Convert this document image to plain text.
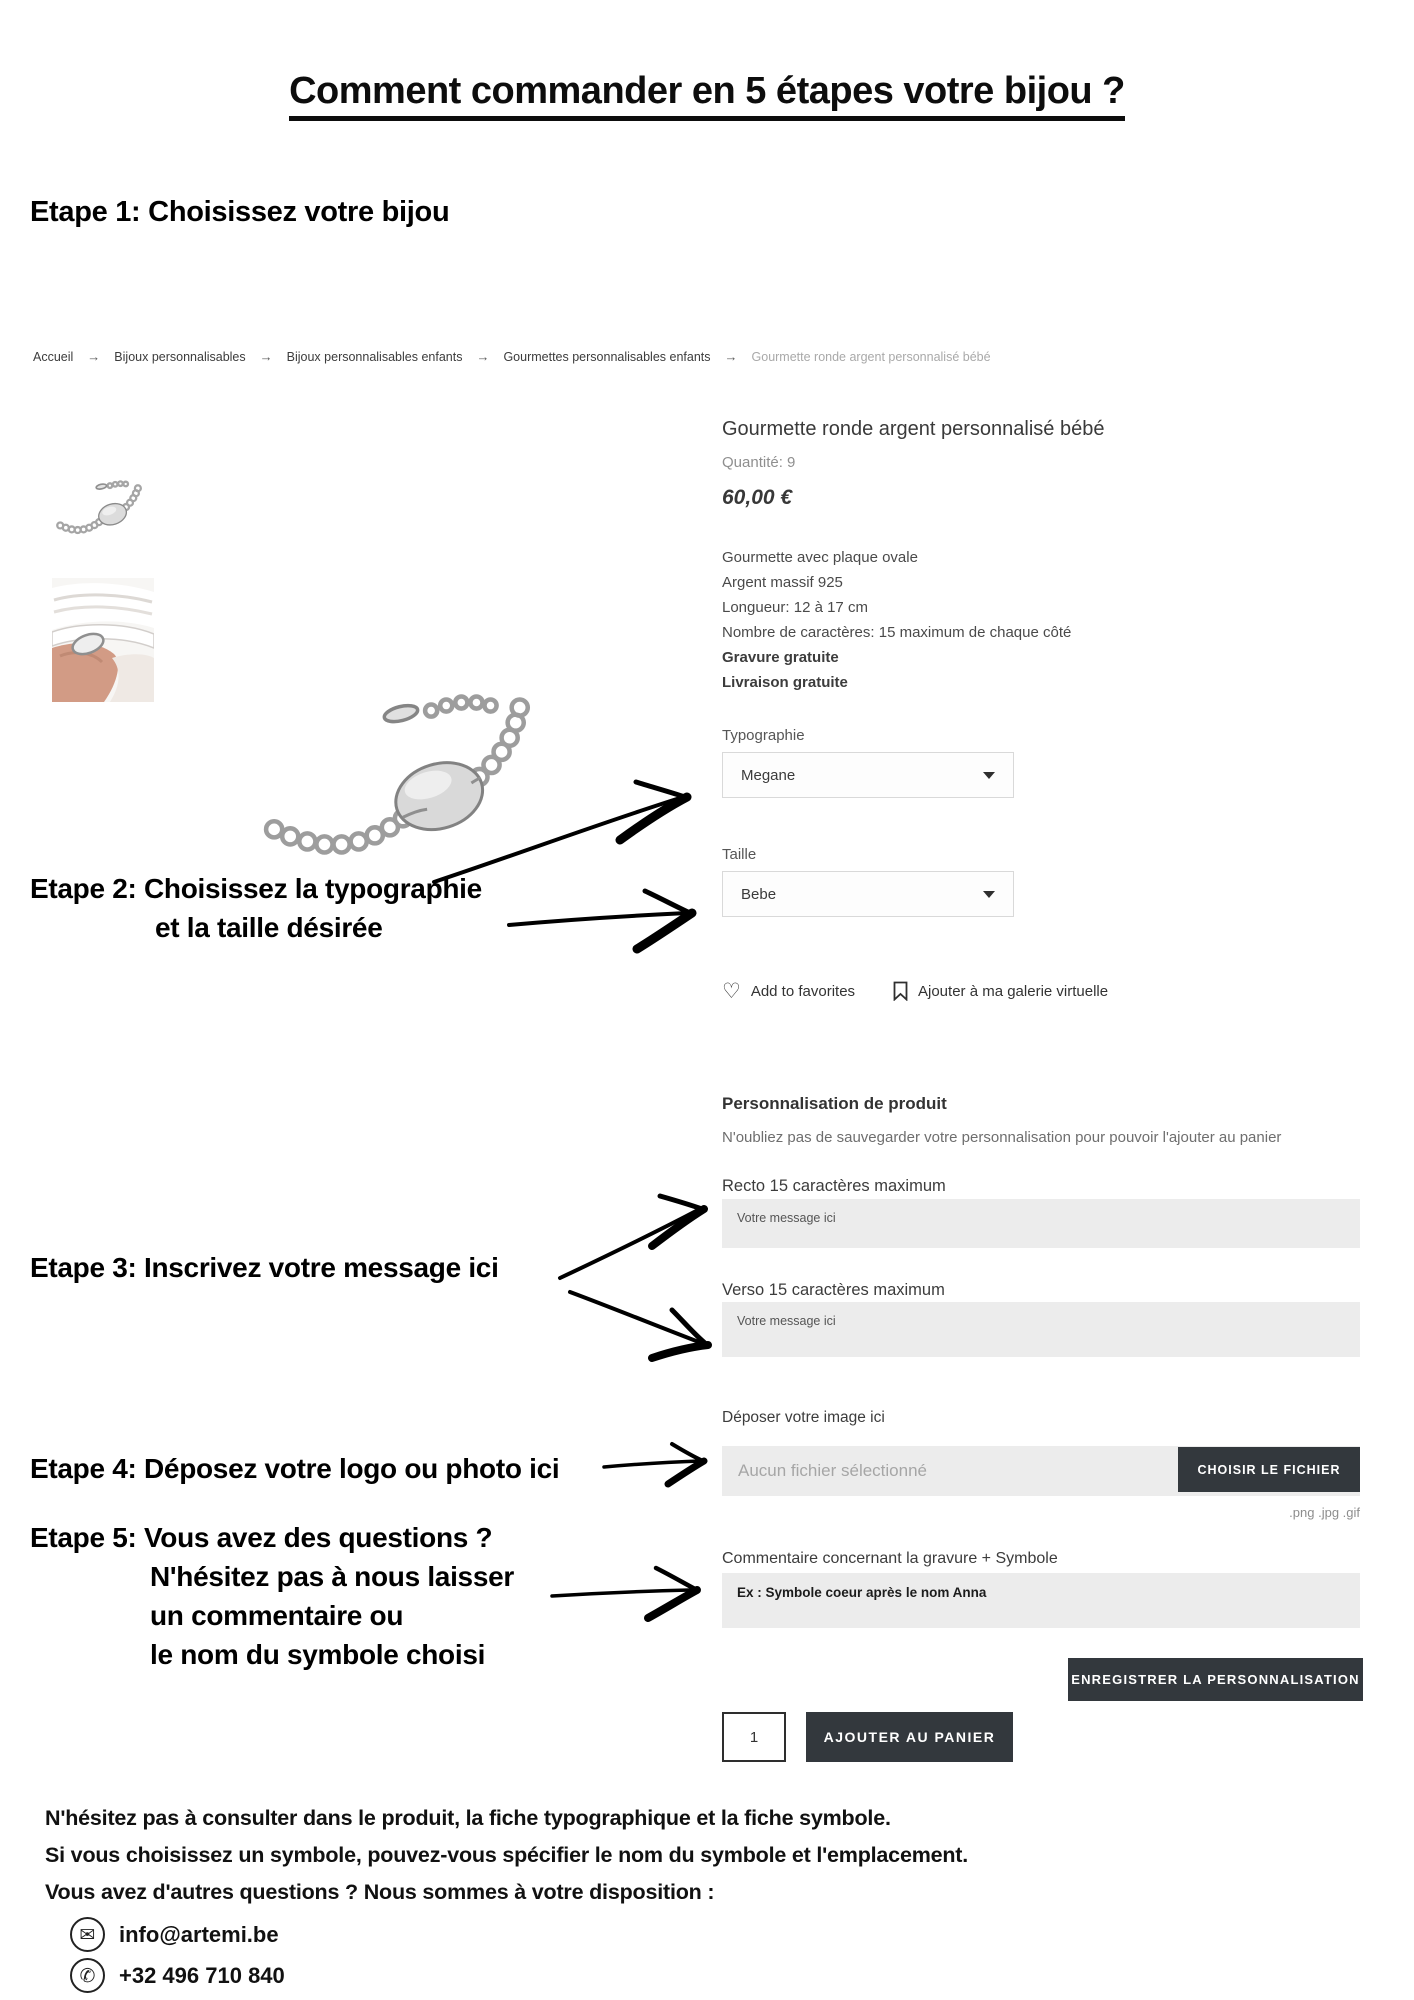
Comment commander en 5 étapes votre bijou ?
Etape 1: Choisissez votre bijou
Etape 2: Choisissez la typographie
et la taille désirée
Etape 3: Inscrivez votre message ici
Etape 4: Déposez votre logo ou photo ici
Etape 5: Vous avez des questions ?
N'hésitez pas à nous laisser
un commentaire ou
le nom du symbole choisi
Accueil → Bijoux personnalisables → Bijoux personnalisables enfants → Gourmettes personnalisables enfants → Gourmette ronde argent personnalisé bébé
Gourmette ronde argent personnalisé bébé
Quantité: 9
60,00 €
Gourmette avec plaque ovale
Argent massif 925
Longueur: 12 à 17 cm
Nombre de caractères: 15 maximum de chaque côté
Gravure gratuite
Livraison gratuite
Typographie
Megane
Taille
Bebe
♡ Add to favorites	Ajouter à ma galerie virtuelle
Personnalisation de produit
N'oubliez pas de sauvegarder votre personnalisation pour pouvoir l'ajouter au panier
Recto 15 caractères maximum
Votre message ici
Verso 15 caractères maximum
Votre message ici
Déposer votre image ici
Aucun fichier sélectionné	CHOISIR LE FICHIER
.png .jpg .gif
Commentaire concernant la gravure + Symbole
Ex : Symbole coeur après le nom Anna
ENREGISTRER LA PERSONNALISATION
1
AJOUTER AU PANIER
N'hésitez pas à consulter dans le produit, la fiche typographique et la fiche symbole.
Si vous choisissez un symbole, pouvez-vous spécifier le nom du symbole et l'emplacement.
Vous avez d'autres questions ? Nous sommes à votre disposition :
✉	info@artemi.be
✆	+32 496 710 840
